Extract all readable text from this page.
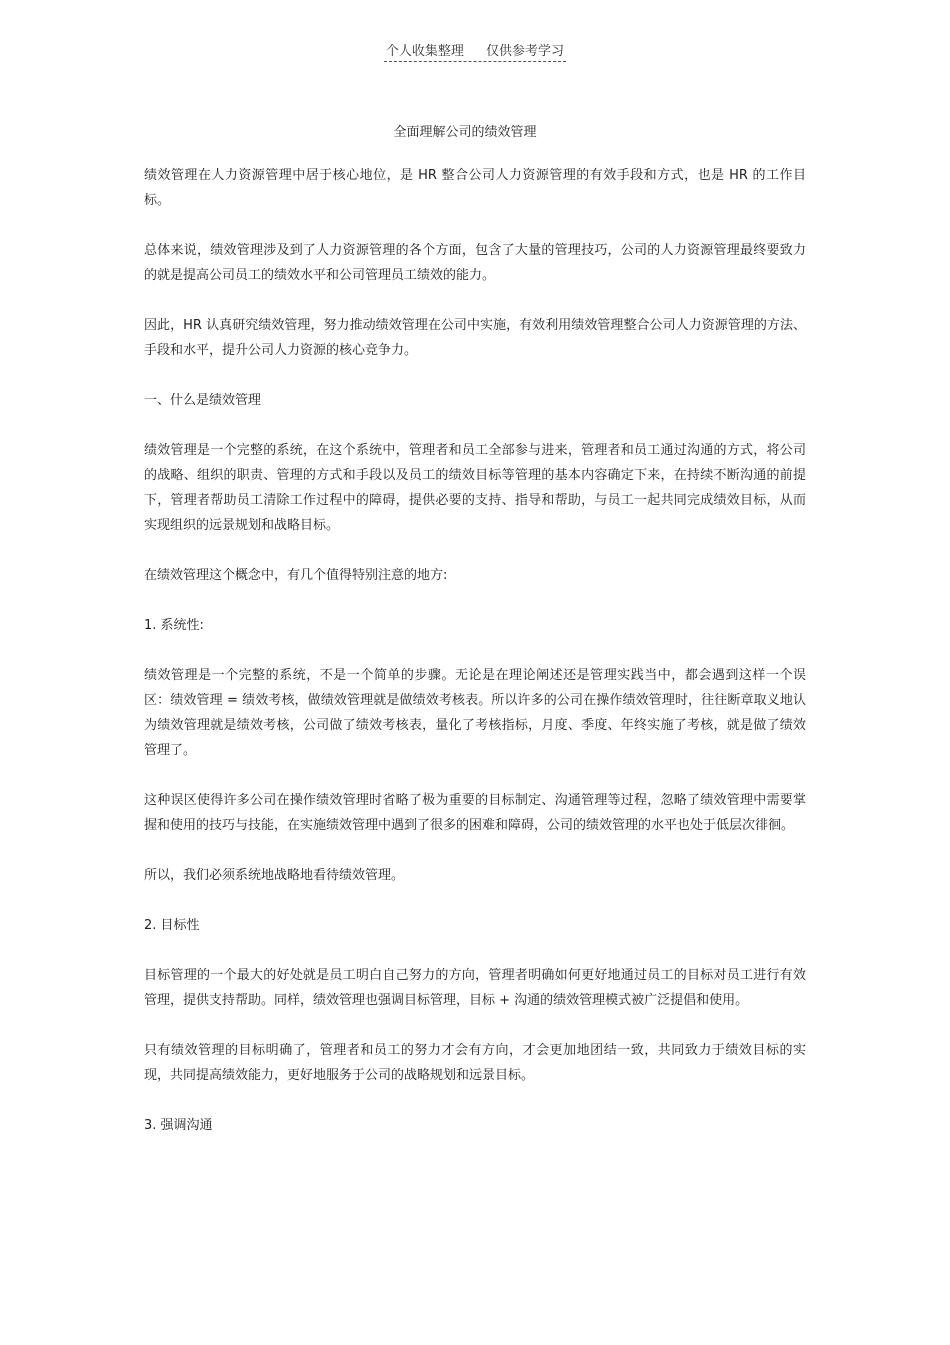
个人收集整理 仅供参考学习
全面理解公司的绩效管理

绩效管理在人力资源管理中居于核心地位，是 HR 整合公司人力资源管理的有效手段和方式，也是 HR 的工作目标。

总体来说，绩效管理涉及到了人力资源管理的各个方面，包含了大量的管理技巧，公司的人力资源管理最终要致力的就是提高公司员工的绩效水平和公司管理员工绩效的能力。

因此，HR 认真研究绩效管理，努力推动绩效管理在公司中实施，有效利用绩效管理整合公司人力资源管理的方法、手段和水平，提升公司人力资源的核心竞争力。

一、什么是绩效管理

绩效管理是一个完整的系统，在这个系统中，管理者和员工全部参与进来，管理者和员工通过沟通的方式，将公司的战略、组织的职责、管理的方式和手段以及员工的绩效目标等管理的基本内容确定下来，在持续不断沟通的前提下，管理者帮助员工清除工作过程中的障碍，提供必要的支持、指导和帮助，与员工一起共同完成绩效目标，从而实现组织的远景规划和战略目标。

在绩效管理这个概念中，有几个值得特别注意的地方:

1. 系统性:

绩效管理是一个完整的系统，不是一个简单的步骤。无论是在理论阐述还是管理实践当中，都会遇到这样一个误区：绩效管理 = 绩效考核，做绩效管理就是做绩效考核表。所以许多的公司在操作绩效管理时，往往断章取义地认为绩效管理就是绩效考核，公司做了绩效考核表，量化了考核指标，月度、季度、年终实施了考核，就是做了绩效管理了。

这种误区使得许多公司在操作绩效管理时省略了极为重要的目标制定、沟通管理等过程，忽略了绩效管理中需要掌握和使用的技巧与技能，在实施绩效管理中遇到了很多的困难和障碍，公司的绩效管理的水平也处于低层次徘徊。

所以，我们必须系统地战略地看待绩效管理。

2. 目标性

目标管理的一个最大的好处就是员工明白自己努力的方向，管理者明确如何更好地通过员工的目标对员工进行有效管理，提供支持帮助。同样，绩效管理也强调目标管理，目标 + 沟通的绩效管理模式被广泛提倡和使用。

只有绩效管理的目标明确了，管理者和员工的努力才会有方向，才会更加地团结一致，共同致力于绩效目标的实现，共同提高绩效能力，更好地服务于公司的战略规划和远景目标。

3. 强调沟通
